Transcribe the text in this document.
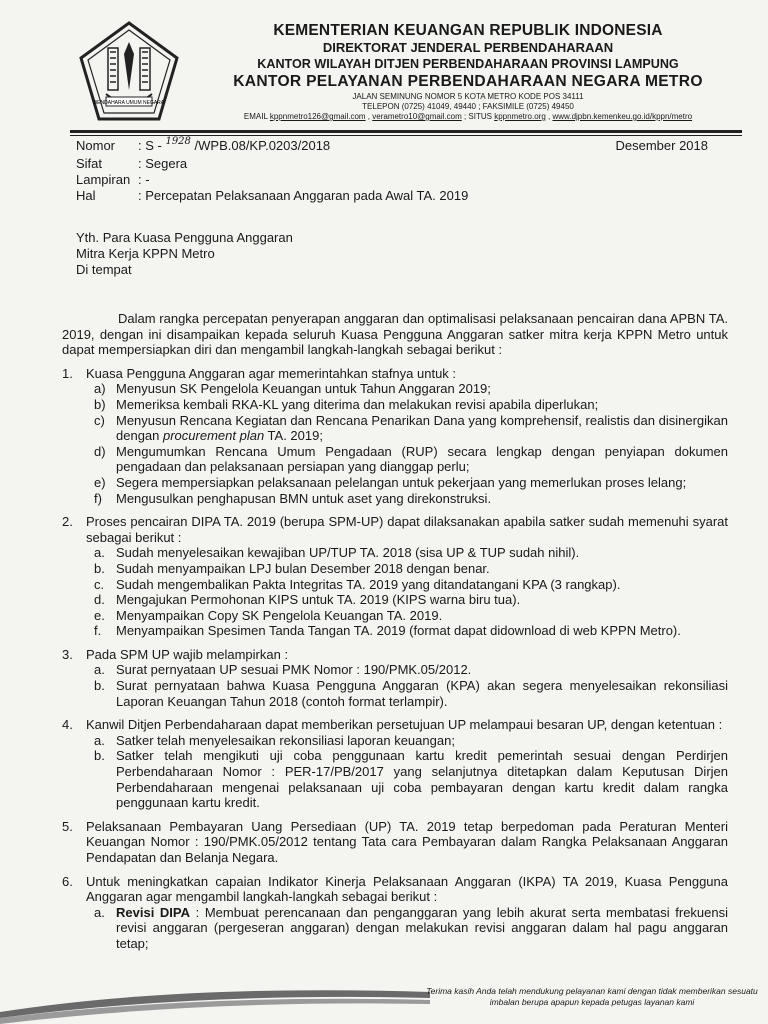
BENDAHARA UMUM NEGARA
KEMENTERIAN KEUANGAN REPUBLIK INDONESIA
DIREKTORAT JENDERAL PERBENDAHARAAN
KANTOR WILAYAH DITJEN PERBENDAHARAAN PROVINSI LAMPUNG
KANTOR PELAYANAN PERBENDAHARAAN NEGARA METRO
JALAN SEMINUNG NOMOR 5 KOTA METRO KODE POS 34111
TELEPON (0725) 41049, 49440 ; FAKSIMILE (0725) 49450
EMAIL kppnmetro126@gmail.com , verametro10@gmail.com ; SITUS kppnmetro.org , www.djpbn.kemenkeu.go.id/kppn/metro
Nomor	: S - $^{1928}$ /WPB.08/KP.0203/2018	Desember 2018
Sifat	: Segera
Lampiran : -
Hal	: Percepatan Pelaksanaan Anggaran pada Awal TA. 2019
Yth. Para Kuasa Pengguna Anggaran
Mitra Kerja KPPN Metro
Di tempat

Dalam rangka percepatan penyerapan anggaran dan optimalisasi pelaksanaan pencairan dana APBN TA. 2019, dengan ini disampaikan kepada seluruh Kuasa Pengguna Anggaran satker mitra kerja KPPN Metro untuk dapat mempersiapkan diri dan mengambil langkah-langkah sebagai berikut :

1.	Kuasa Pengguna Anggaran agar memerintahkan stafnya untuk :
a) Menyusun SK Pengelola Keuangan untuk Tahun Anggaran 2019;
b) Memeriksa kembali RKA-KL yang diterima dan melakukan revisi apabila diperlukan;
c) Menyusun Rencana Kegiatan dan Rencana Penarikan Dana yang komprehensif, realistis dan disinergikan dengan procurement plan TA. 2019;
d) Mengumumkan Rencana Umum Pengadaan (RUP) secara lengkap dengan penyiapan dokumen pengadaan dan pelaksanaan persiapan yang dianggap perlu;
e) Segera mempersiapkan pelaksanaan pelelangan untuk pekerjaan yang memerlukan proses lelang;
f)	Mengusulkan penghapusan BMN untuk aset yang direkonstruksi.
2.	Proses pencairan DIPA TA. 2019 (berupa SPM-UP) dapat dilaksanakan apabila satker sudah memenuhi syarat sebagai berikut :
a. Sudah menyelesaikan kewajiban UP/TUP TA. 2018 (sisa UP & TUP sudah nihil).
b. Sudah menyampaikan LPJ bulan Desember 2018 dengan benar.
c. Sudah mengembalikan Pakta Integritas TA. 2019 yang ditandatangani KPA (3 rangkap).
d. Mengajukan Permohonan KIPS untuk TA. 2019 (KIPS warna biru tua).
e. Menyampaikan Copy SK Pengelola Keuangan TA. 2019.
f.	Menyampaikan Spesimen Tanda Tangan TA. 2019 (format dapat didownload di web KPPN Metro).
3.	Pada SPM UP wajib melampirkan :
a. Surat pernyataan UP sesuai PMK Nomor : 190/PMK.05/2012.
b. Surat pernyataan bahwa Kuasa Pengguna Anggaran (KPA) akan segera menyelesaikan rekonsiliasi Laporan Keuangan Tahun 2018 (contoh format terlampir).
4.	Kanwil Ditjen Perbendaharaan dapat memberikan persetujuan UP melampaui besaran UP, dengan ketentuan :
a. Satker telah menyelesaikan rekonsiliasi laporan keuangan;
b. Satker telah mengikuti uji coba penggunaan kartu kredit pemerintah sesuai dengan Perdirjen Perbendaharaan Nomor : PER-17/PB/2017 yang selanjutnya ditetapkan dalam Keputusan Dirjen Perbendaharaan mengenai pelaksanaan uji coba pembayaran dengan kartu kredit dalam rangka penggunaan kartu kredit.
5.	Pelaksanaan Pembayaran Uang Persediaan (UP) TA. 2019 tetap berpedoman pada Peraturan Menteri Keuangan Nomor : 190/PMK.05/2012 tentang Tata cara Pembayaran dalam Rangka Pelaksanaan Anggaran Pendapatan dan Belanja Negara.
6.	Untuk meningkatkan capaian Indikator Kinerja Pelaksanaan Anggaran (IKPA) TA 2019, Kuasa Pengguna Anggaran agar mengambil langkah-langkah sebagai berikut :
a. Revisi DIPA : Membuat perencanaan dan penganggaran yang lebih akurat serta membatasi frekuensi revisi anggaran (pergeseran anggaran) dengan melakukan revisi anggaran dalam hal pagu anggaran tetap;
Terima kasih Anda telah mendukung pelayanan kami dengan tidak memberikan sesuatu
imbalan berupa apapun kepada petugas layanan kami
